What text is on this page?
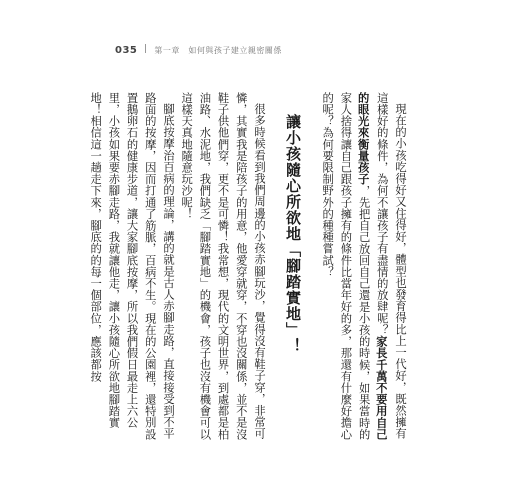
035 第一章　如何與孩子建立親密關係

現在的小孩吃得好又住得好，體型也發育得比上一代好，既然擁有這樣好的條件，為何不讓孩子有盡情的放肆呢？家長千萬不要用自己的眼光來衡量孩子，先把自己放回自己還是小孩的時候，如果當時的家人捨得讓自己跟孩子擁有的條件比當年好的多，那還有什麼好擔心的呢？為何要限制野外的種種嘗試？

讓小孩隨心所欲地「腳踏實地」！

很多時候看到我們周邊的小孩赤腳玩沙，覺得沒有鞋子穿，非常可憐，其實我是陪孩子的用意，他愛穿就穿，不穿也沒關係，並不是沒鞋子供他們穿，更不是可憐！我常想，現代的文明世界，到處都是柏油路、水泥地，我們缺乏「腳踏實地」的機會，孩子也沒有機會可以這樣天真地隨意玩沙呢！

腳底按摩治百病的理論，講的就是古人赤腳走路，直接接受到不平路面的按摩，因而打通了筋脈，百病不生。現在的公園裡，還特別設置鵝卵石的健康步道，讓大家腳底按摩，所以我們假日最走上六公里，小孩如果要赤腳走路，我就讓他走，讓小孩隨心所欲地腳踏實地！相信這一趟走下來，腳底的的每一個部位，應該都按
